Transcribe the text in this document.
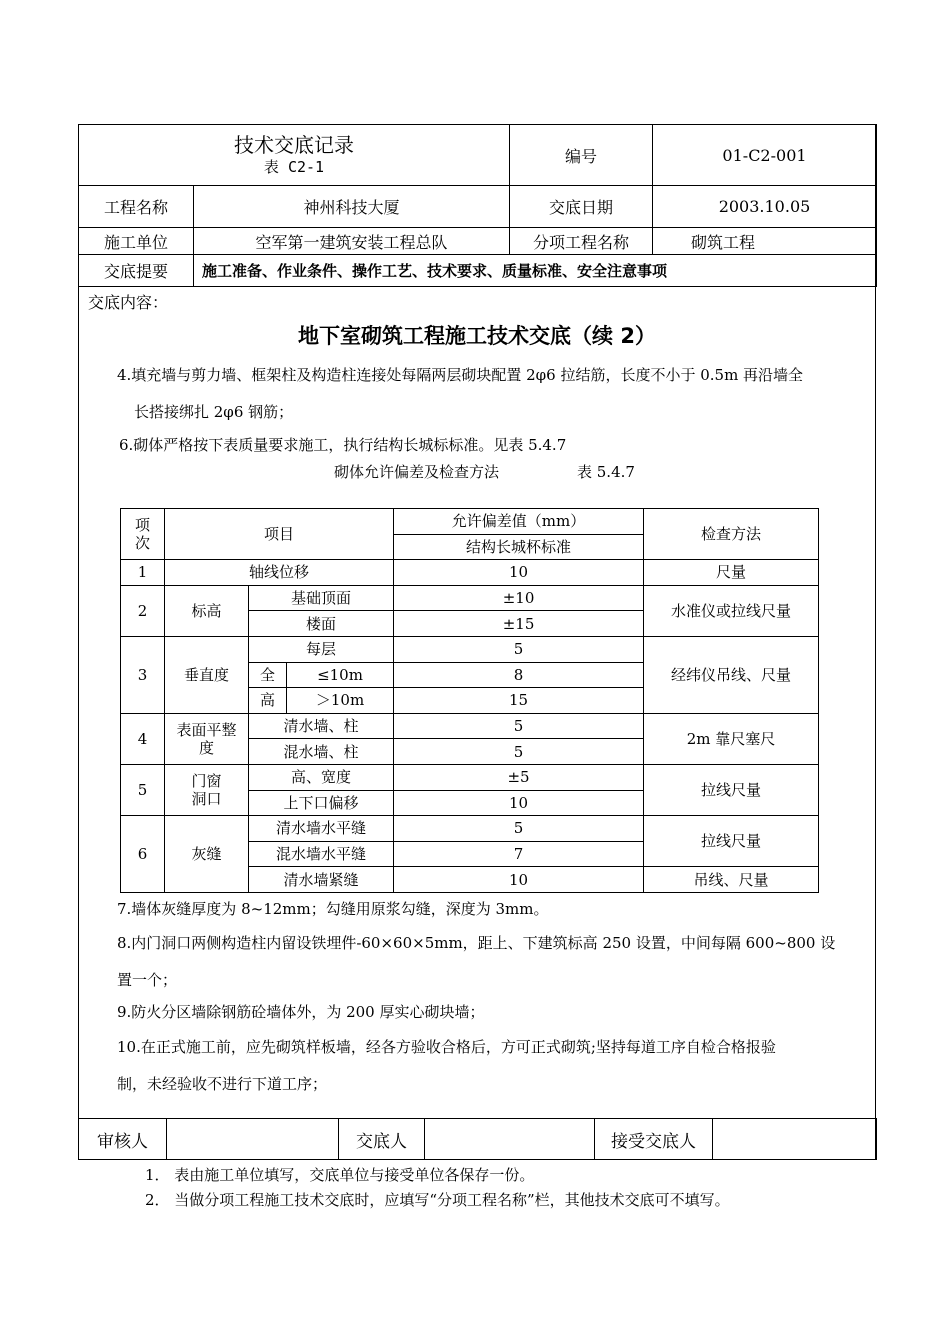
技术交底记录
表 C2-1		编号	01-C2-001
工程名称	神州科技大厦	交底日期	2003.10.05
施工单位	空军第一建筑安装工程总队	分项工程名称	砌筑工程
交底提要	施工准备、作业条件、操作工艺、技术要求、质量标准、安全注意事项		
交底内容：
地下室砌筑工程施工技术交底（续 2）
4.填充墙与剪力墙、框架柱及构造柱连接处每隔两层砌块配置 2φ6 拉结筋，长度不小于 0.5m 再沿墙全
长搭接绑扎 2φ6 钢筋；
6.砌体严格按下表质量要求施工，执行结构长城标标准。见表 5.4.7
砌体允许偏差及检查方法	表 5.4.7
项
次	项目			允许偏差值（mm）	检查方法
				结构长城杯标准	
1	轴线位移			10	尺量
2	标高	基础顶面		±10	水准仪或拉线尺量
		楼面		±15	
3	垂直度	每层		5	经纬仪吊线、尺量
		全	≤10m	8	
		高	＞10m	15	
4	表面平整
度	清水墙、柱		5	2m 靠尺塞尺
		混水墙、柱		5	
5	门窗
洞口	高、宽度		±5	拉线尺量
		上下口偏移		10	
6	灰缝	清水墙水平缝		5	拉线尺量
		混水墙水平缝		7	
		清水墙紧缝		10	吊线、尺量
7.墙体灰缝厚度为 8~12mm；勾缝用原浆勾缝，深度为 3mm。
8.内门洞口两侧构造柱内留设铁埋件-60×60×5mm，距上、下建筑标高 250 设置，中间每隔 600~800 设
置一个；
9.防火分区墙除钢筋砼墙体外，为 200 厚实心砌块墙；
10.在正式施工前，应先砌筑样板墙，经各方验收合格后，方可正式砌筑;坚持每道工序自检合格报验
制，未经验收不进行下道工序；
审核人		交底人		接受交底人	
1． 表由施工单位填写，交底单位与接受单位各保存一份。
2． 当做分项工程施工技术交底时，应填写“分项工程名称”栏，其他技术交底可不填写。
